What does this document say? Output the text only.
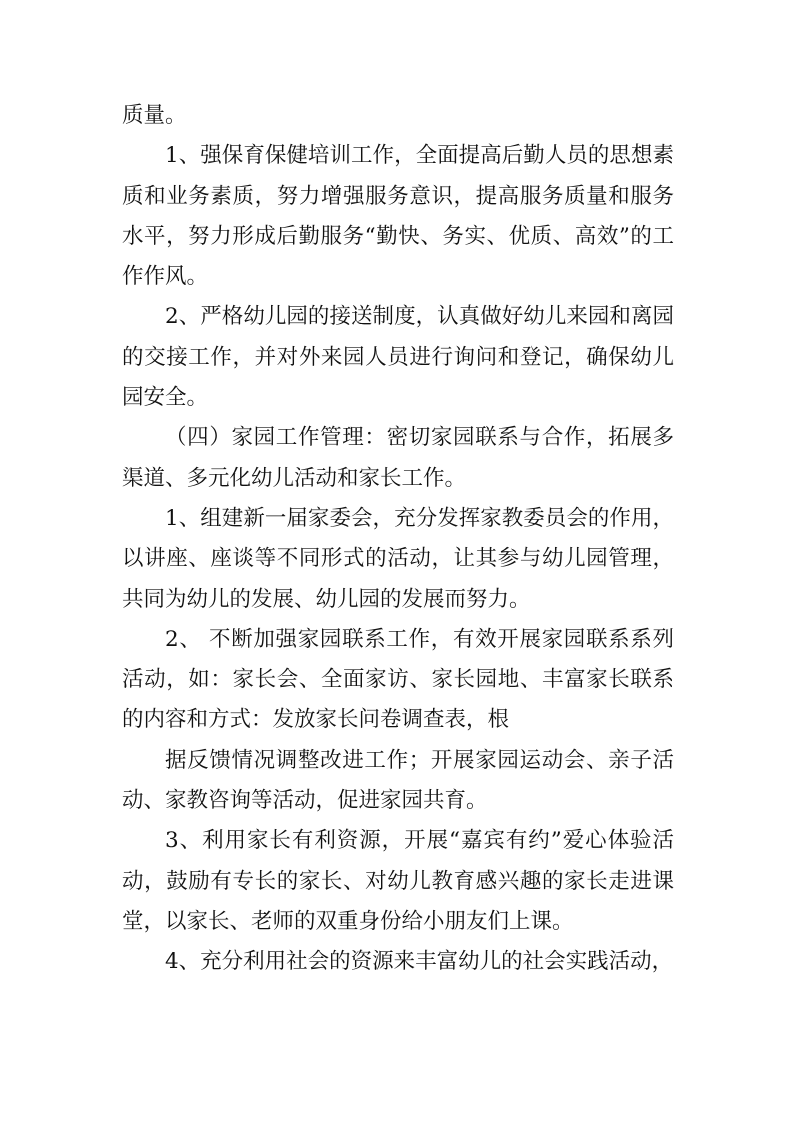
质量。

1、强保育保健培训工作，全面提高后勤人员的思想素质和业务素质，努力增强服务意识，提高服务质量和服务水平，努力形成后勤服务“勤快、务实、优质、高效”的工作作风。

2、严格幼儿园的接送制度，认真做好幼儿来园和离园的交接工作，并对外来园人员进行询问和登记，确保幼儿园安全。

（四）家园工作管理：密切家园联系与合作，拓展多渠道、多元化幼儿活动和家长工作。

1、组建新一届家委会，充分发挥家教委员会的作用，以讲座、座谈等不同形式的活动，让其参与幼儿园管理，共同为幼儿的发展、幼儿园的发展而努力。

2、 不断加强家园联系工作，有效开展家园联系系列活动，如：家长会、全面家访、家长园地、丰富家长联系的内容和方式：发放家长问卷调查表，根

据反馈情况调整改进工作；开展家园运动会、亲子活动、家教咨询等活动，促进家园共育。

3、利用家长有利资源，开展“嘉宾有约”爱心体验活动，鼓励有专长的家长、对幼儿教育感兴趣的家长走进课堂，以家长、老师的双重身份给小朋友们上课。

4、充分利用社会的资源来丰富幼儿的社会实践活动，
